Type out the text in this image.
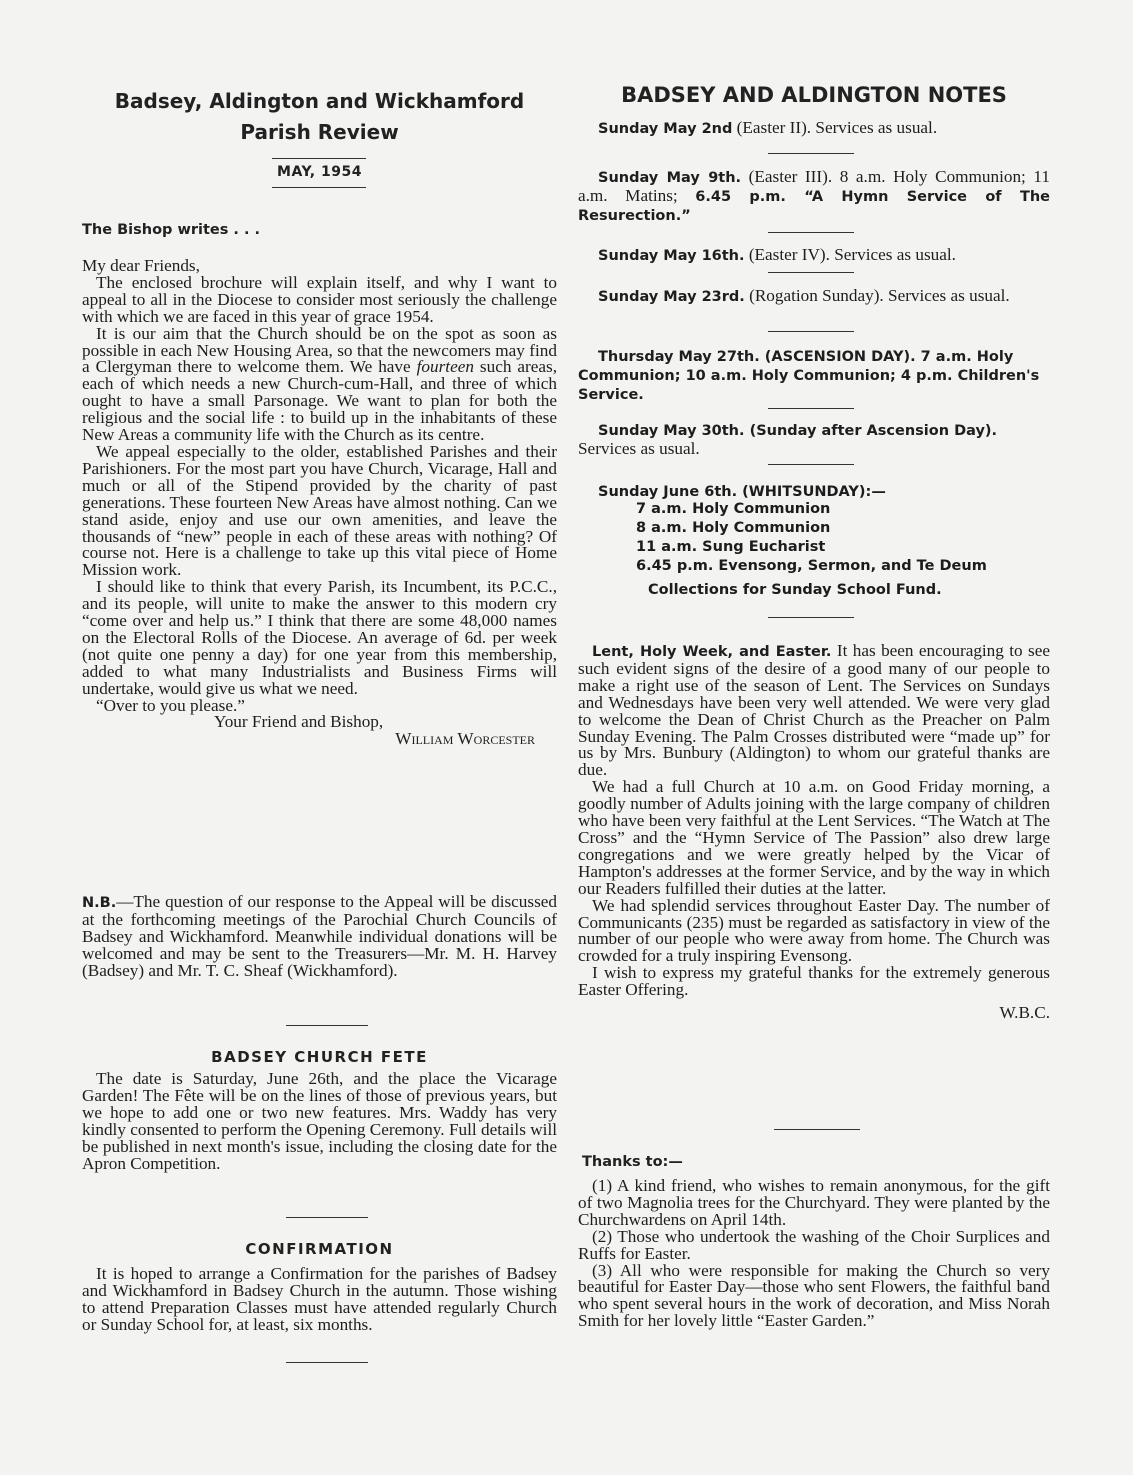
Badsey, Aldington and Wickhamford
Parish Review
MAY, 1954
The Bishop writes . . .

My dear Friends,

The enclosed brochure will explain itself, and why I want to appeal to all in the Diocese to consider most seriously the challenge with which we are faced in this year of grace 1954.

It is our aim that the Church should be on the spot as soon as possible in each New Housing Area, so that the newcomers may find a Clergyman there to welcome them. We have fourteen such areas, each of which needs a new Church-cum-Hall, and three of which ought to have a small Parsonage. We want to plan for both the religious and the social life : to build up in the inhabitants of these New Areas a community life with the Church as its centre.

We appeal especially to the older, established Parishes and their Parishioners. For the most part you have Church, Vicarage, Hall and much or all of the Stipend provided by the charity of past generations. These fourteen New Areas have almost nothing. Can we stand aside, enjoy and use our own amenities, and leave the thousands of “new” people in each of these areas with nothing? Of course not. Here is a challenge to take up this vital piece of Home Mission work.

I should like to think that every Parish, its Incumbent, its P.C.C., and its people, will unite to make the answer to this modern cry “come over and help us.” I think that there are some 48,000 names on the Electoral Rolls of the Diocese. An average of 6d. per week (not quite one penny a day) for one year from this membership, added to what many Industrialists and Business Firms will undertake, would give us what we need.

“Over to you please.”

Your Friend and Bishop,

William Worcester

N.B.—The question of our response to the Appeal will be discussed at the forthcoming meetings of the Parochial Church Councils of Badsey and Wickhamford. Meanwhile individual donations will be welcomed and may be sent to the Treasurers—Mr. M. H. Harvey (Badsey) and Mr. T. C. Sheaf (Wickhamford).

BADSEY CHURCH FETE

The date is Saturday, June 26th, and the place the Vicarage Garden! The Fête will be on the lines of those of previous years, but we hope to add one or two new features. Mrs. Waddy has very kindly consented to perform the Opening Ceremony. Full details will be published in next month's issue, including the closing date for the Apron Competition.

CONFIRMATION

It is hoped to arrange a Confirmation for the parishes of Badsey and Wickhamford in Badsey Church in the autumn. Those wishing to attend Preparation Classes must have attended regularly Church or Sunday School for, at least, six months.

BADSEY AND ALDINGTON NOTES
Sunday May 2nd (Easter II). Services as usual.
Sunday May 9th. (Easter III). 8 a.m. Holy Communion; 11 a.m. Matins; 6.45 p.m. “A Hymn Service of The Resurection.”
Sunday May 16th. (Easter IV). Services as usual.
Sunday May 23rd. (Rogation Sunday). Services as usual.
Thursday May 27th. (ASCENSION DAY). 7 a.m. Holy Communion; 10 a.m. Holy Communion; 4 p.m. Children's Service.
Sunday May 30th. (Sunday after Ascension Day). Services as usual.
Sunday June 6th. (WHITSUNDAY):—
7 a.m. Holy Communion
8 a.m. Holy Communion
11 a.m. Sung Eucharist
6.45 p.m. Evensong, Sermon, and Te Deum
Collections for Sunday School Fund.

Lent, Holy Week, and Easter. It has been encouraging to see such evident signs of the desire of a good many of our people to make a right use of the season of Lent. The Services on Sundays and Wednesdays have been very well attended. We were very glad to welcome the Dean of Christ Church as the Preacher on Palm Sunday Evening. The Palm Crosses distributed were “made up” for us by Mrs. Bunbury (Aldington) to whom our grateful thanks are due.

We had a full Church at 10 a.m. on Good Friday morning, a goodly number of Adults joining with the large company of children who have been very faithful at the Lent Services. “The Watch at The Cross” and the “Hymn Service of The Passion” also drew large congregations and we were greatly helped by the Vicar of Hampton's addresses at the former Service, and by the way in which our Readers fulfilled their duties at the latter.

We had splendid services throughout Easter Day. The number of Communicants (235) must be regarded as satisfactory in view of the number of our people who were away from home. The Church was crowded for a truly inspiring Evensong.

I wish to express my grateful thanks for the extremely generous Easter Offering.

W.B.C.

Thanks to:—

(1) A kind friend, who wishes to remain anonymous, for the gift of two Magnolia trees for the Churchyard. They were planted by the Churchwardens on April 14th.

(2) Those who undertook the washing of the Choir Surplices and Ruffs for Easter.

(3) All who were responsible for making the Church so very beautiful for Easter Day—those who sent Flowers, the faithful band who spent several hours in the work of decoration, and Miss Norah Smith for her lovely little “Easter Garden.”
